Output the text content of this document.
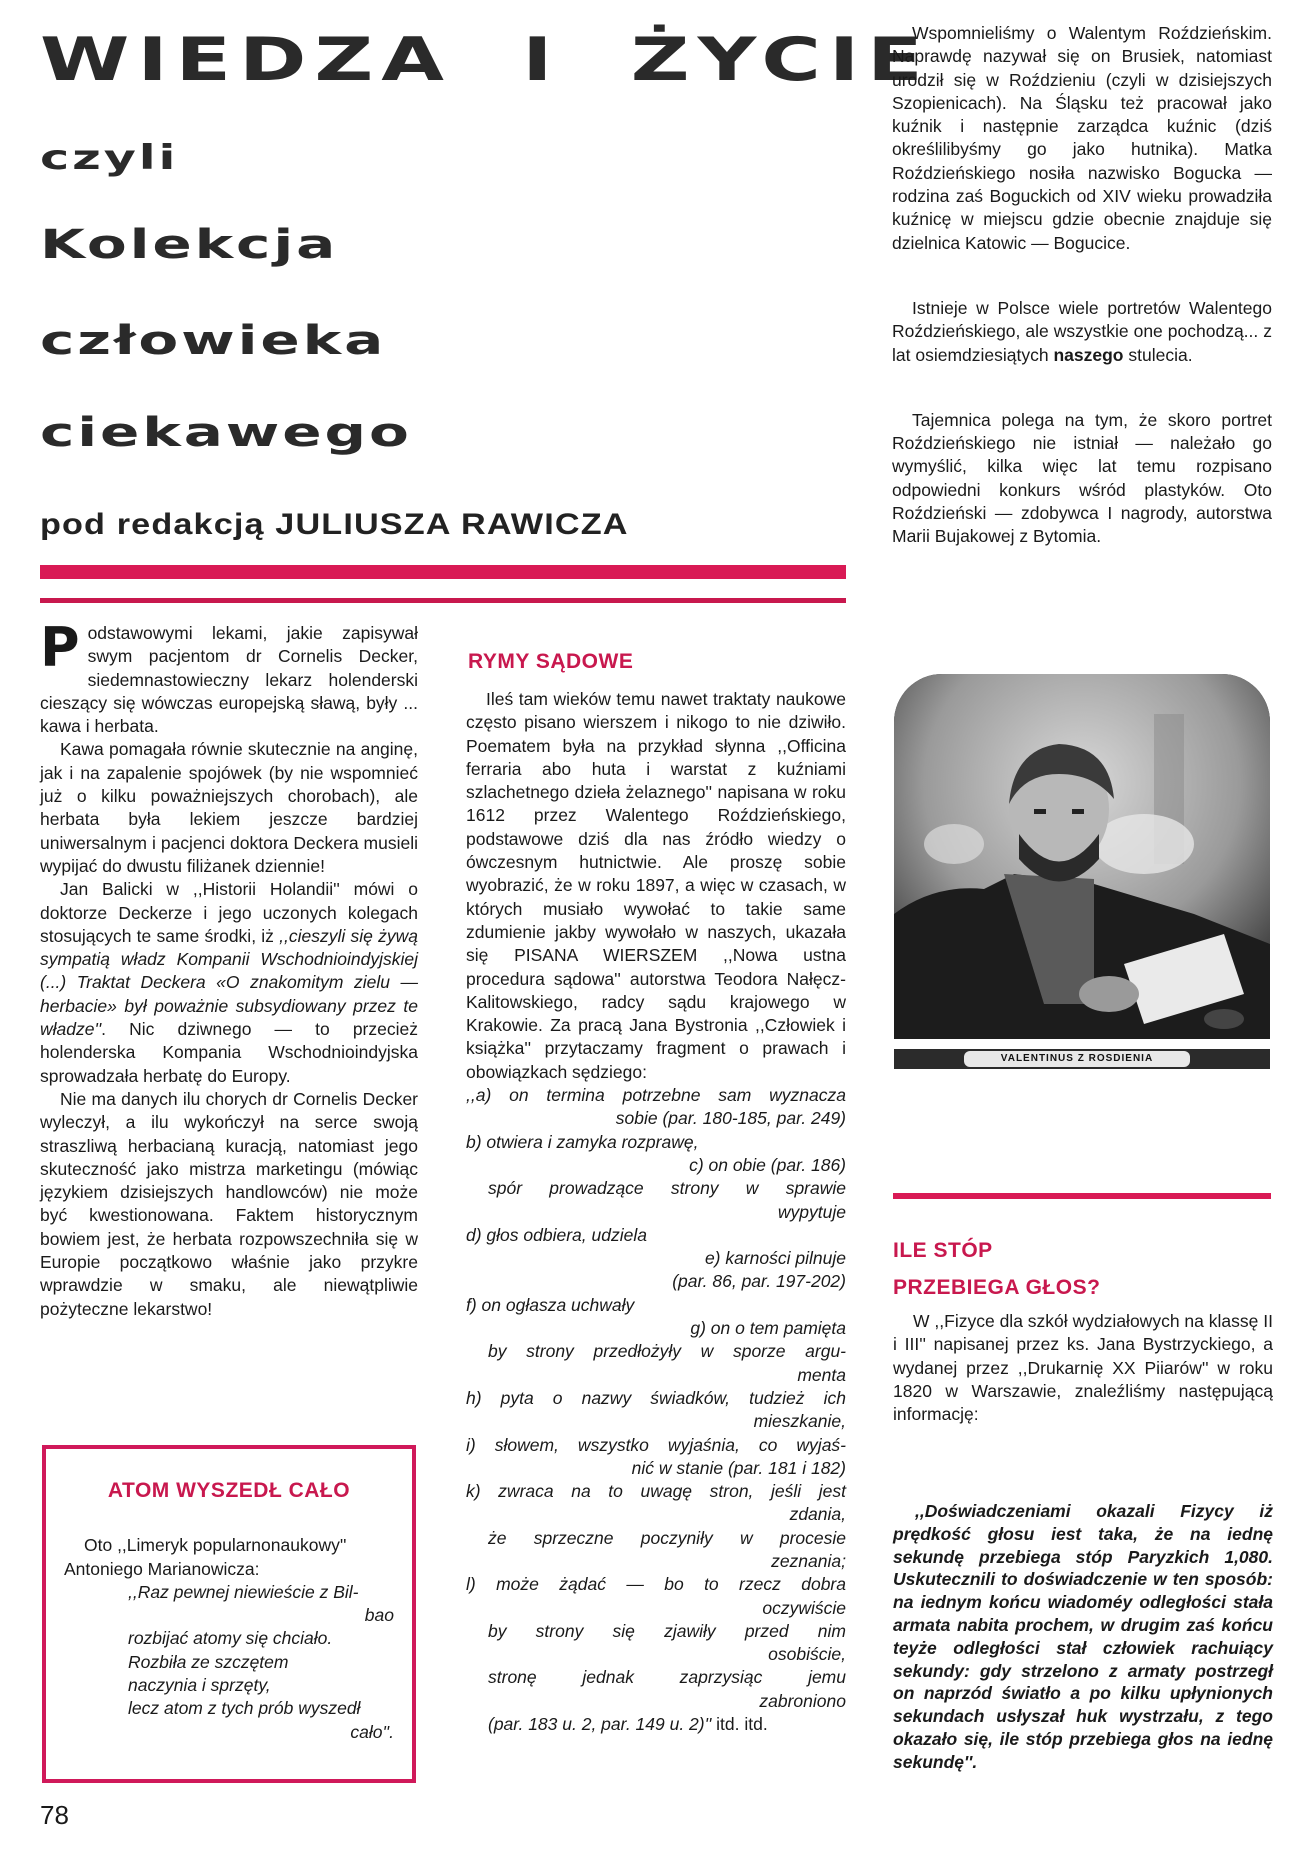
WIEDZA I ŻYCIE
czyli
Kolekcja
człowieka
ciekawego
pod redakcją JULIUSZA RAWICZA

Podstawowymi lekami, jakie zapisywał swym pacjentom dr Cornelis Decker, siedemnastowieczny lekarz holenderski cieszący się wówczas europejską sławą, były ... kawa i herbata.

Kawa pomagała równie skutecznie na anginę, jak i na zapalenie spojówek (by nie wspomnieć już o kilku poważniejszych chorobach), ale herbata była lekiem jeszcze bardziej uniwersalnym i pacjenci doktora Deckera musieli wypijać do dwustu filiżanek dziennie!

Jan Balicki w ,,Historii Holandii'' mówi o doktorze Deckerze i jego uczonych kolegach stosujących te same środki, iż ,,cieszyli się żywą sympatią władz Kompanii Wschodnioindyjskiej (...) Traktat Deckera «O znakomitym zielu — herbacie» był poważnie subsydiowany przez te władze''. Nic dziwnego — to przecież holenderska Kompania Wschodnioindyjska sprowadzała herbatę do Europy.

Nie ma danych ilu chorych dr Cornelis Decker wyleczył, a ilu wykończył na serce swoją straszliwą herbacianą kuracją, natomiast jego skuteczność jako mistrza marketingu (mówiąc językiem dzisiejszych handlowców) nie może być kwestionowana. Faktem historycznym bowiem jest, że herbata rozpowszechniła się w Europie początkowo właśnie jako przykre wprawdzie w smaku, ale niewątpliwie pożyteczne lekarstwo!

ATOM WYSZEDŁ CAŁO

Oto ,,Limeryk popularnonaukowy'' Antoniego Marianowicza:

,,Raz pewnej niewieście z Bil-
bao
rozbijać atomy się chciało.
Rozbiła ze szczętem
naczynia i sprzęty,
lecz atom z tych prób wyszedł
cało''.
78
RYMY SĄDOWE

Ileś tam wieków temu nawet traktaty naukowe często pisano wierszem i nikogo to nie dziwiło. Poematem była na przykład słynna ,,Officina ferraria abo huta i warstat z kuźniami szlachetnego dzieła żelaznego'' napisana w roku 1612 przez Walentego Roździeńskiego, podstawowe dziś dla nas źródło wiedzy o ówczesnym hutnictwie. Ale proszę sobie wyobrazić, że w roku 1897, a więc w czasach, w których musiało wywołać to takie same zdumienie jakby wywołało w naszych, ukazała się PISANA WIERSZEM ,,Nowa ustna procedura sądowa'' autorstwa Teodora Nałęcz-Kalitowskiego, radcy sądu krajowego w Krakowie. Za pracą Jana Bystronia ,,Człowiek i książka'' przytaczamy fragment o prawach i obowiązkach sędziego:

,,a) on termina potrzebne sam wyznacza
sobie (par. 180-185, par. 249)
b) otwiera i zamyka rozprawę,
c) on obie (par. 186)
spór prowadzące strony w sprawie
wypytuje
d) głos odbiera, udziela
e) karności pilnuje
(par. 86, par. 197-202)
f) on ogłasza uchwały
g) on o tem pamięta
by strony przedłożyły w sporze argu-
menta
h) pyta o nazwy świadków, tudzież ich
mieszkanie,
i) słowem, wszystko wyjaśnia, co wyjaś-
nić w stanie (par. 181 i 182)
k) zwraca na to uwagę stron, jeśli jest
zdania,
że sprzeczne poczyniły w procesie
zeznania;
l) może żądać — bo to rzecz dobra
oczywiście
by strony się zjawiły przed nim
osobiście,
stronę jednak zaprzysiąc jemu
zabroniono
(par. 183 u. 2, par. 149 u. 2)'' itd. itd.

Wspomnieliśmy o Walentym Roździeńskim. Naprawdę nazywał się on Brusiek, natomiast urodził się w Roździeniu (czyli w dzisiejszych Szopienicach). Na Śląsku też pracował jako kuźnik i następnie zarządca kuźnic (dziś określilibyśmy go jako hutnika). Matka Roździeńskiego nosiła nazwisko Bogucka — rodzina zaś Boguckich od XIV wieku prowadziła kuźnicę w miejscu gdzie obecnie znajduje się dzielnica Katowic — Bogucice.

Istnieje w Polsce wiele portretów Walentego Roździeńskiego, ale wszystkie one pochodzą... z lat osiemdziesiątych naszego stulecia.

Tajemnica polega na tym, że skoro portret Roździeńskiego nie istniał — należało go wymyślić, kilka więc lat temu rozpisano odpowiedni konkurs wśród plastyków. Oto Roździeński — zdobywca I nagrody, autorstwa Marii Bujakowej z Bytomia.

VALENTINUS Z ROSDIENIA
ILE STÓP
PRZEBIEGA GŁOS?

W ,,Fizyce dla szkół wydziałowych na klassę II i III'' napisanej przez ks. Jana Bystrzyckiego, a wydanej przez ,,Drukarnię XX Piiarów'' w roku 1820 w Warszawie, znaleźliśmy następującą informację:

,,Doświadczeniami okazali Fizycy iż prędkość głosu iest taka, że na iednę sekundę przebiega stóp Paryzkich 1,080. Uskutecznili to doświadczenie w ten sposób: na iednym końcu wiadoméy odległości stała armata nabita prochem, w drugim zaś końcu teyże odległości stał człowiek rachuiący sekundy: gdy strzelono z armaty postrzegł on naprzód światło a po kilku upłynionych sekundach usłyszał huk wystrzału, z tego okazało się, ile stóp przebiega głos na iednę sekundę''.
